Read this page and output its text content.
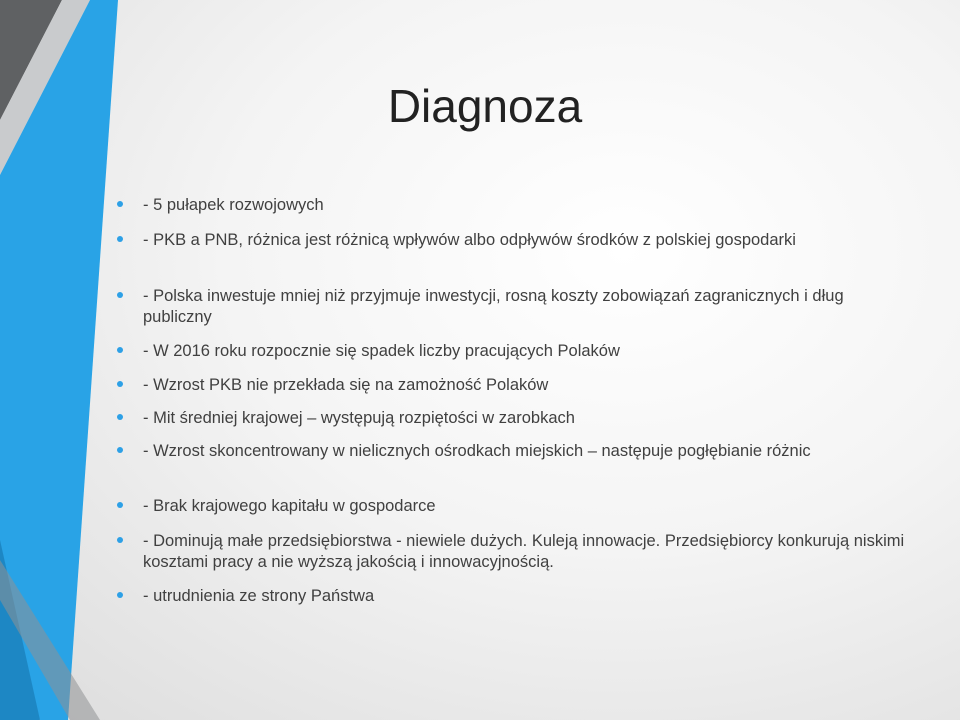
Diagnoza
- 5 pułapek rozwojowych
- PKB a PNB, różnica jest różnicą wpływów albo odpływów środków z polskiej gospodarki
- Polska inwestuje mniej niż przyjmuje inwestycji, rosną koszty zobowiązań zagranicznych i dług publiczny
- W 2016 roku rozpocznie się spadek liczby pracujących Polaków
- Wzrost PKB nie przekłada się na zamożność Polaków
- Mit średniej krajowej – występują rozpiętości w zarobkach
- Wzrost skoncentrowany w nielicznych ośrodkach miejskich – następuje pogłębianie różnic
- Brak krajowego kapitału w gospodarce
- Dominują małe przedsiębiorstwa - niewiele dużych. Kuleją innowacje. Przedsiębiorcy konkurują niskimi kosztami pracy a nie wyższą jakością i innowacyjnością.
- utrudnienia ze strony Państwa
